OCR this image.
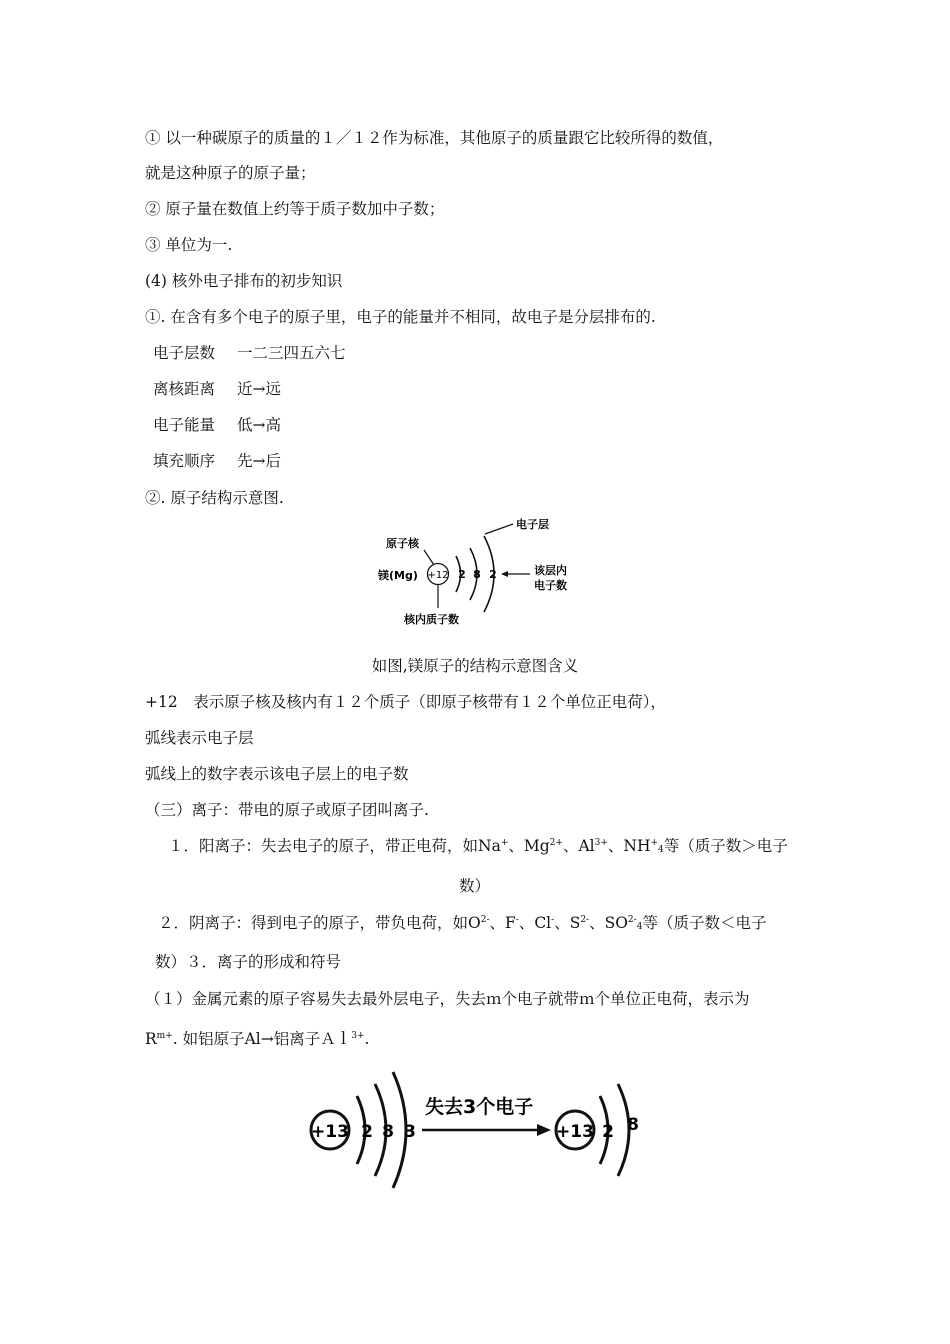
① 以一种碳原子的质量的１／１２作为标准，其他原子的质量跟它比较所得的数值，
就是这种原子的原子量；
② 原子量在数值上约等于质子数加中子数；
③ 单位为一.
(4) 核外电子排布的初步知识
①. 在含有多个电子的原子里，电子的能量并不相同，故电子是分层排布的.
电子层数 一二三四五六七
离核距离 近→远
电子能量 低→高
填充顺序 先→后
②. 原子结构示意图.
电子层
原子核
镁(Mg) +12 2 8 2	该层内
电子数
核内质子数
如图,镁原子的结构示意图含义
+12　表示原子核及核内有１２个质子（即原子核带有１２个单位正电荷），
弧线表示电子层
弧线上的数字表示该电子层上的电子数
（三）离子：带电的原子或原子团叫离子.
１．阳离子：失去电子的原子，带正电荷，如Na+、$Mg^{2+}$、$Al^{3+}$、$NH^+_4$等（质子数＞电子
数）
２．阴离子：得到电子的原子，带负电荷，如$O^{2-}$、F-、Cl-、$S^{2-}$、$SO^{2-}_4$等（质子数＜电子
数）３．离子的形成和符号
（１）金属元素的原子容易失去最外层电子，失去ｍ个电子就带ｍ个单位正电荷，表示为
$R^{m+}$. 如铝原子Al→铝离子Ａｌ$^{3+}$.
+13 2 8 3
失去3个电子
+13 2 8
